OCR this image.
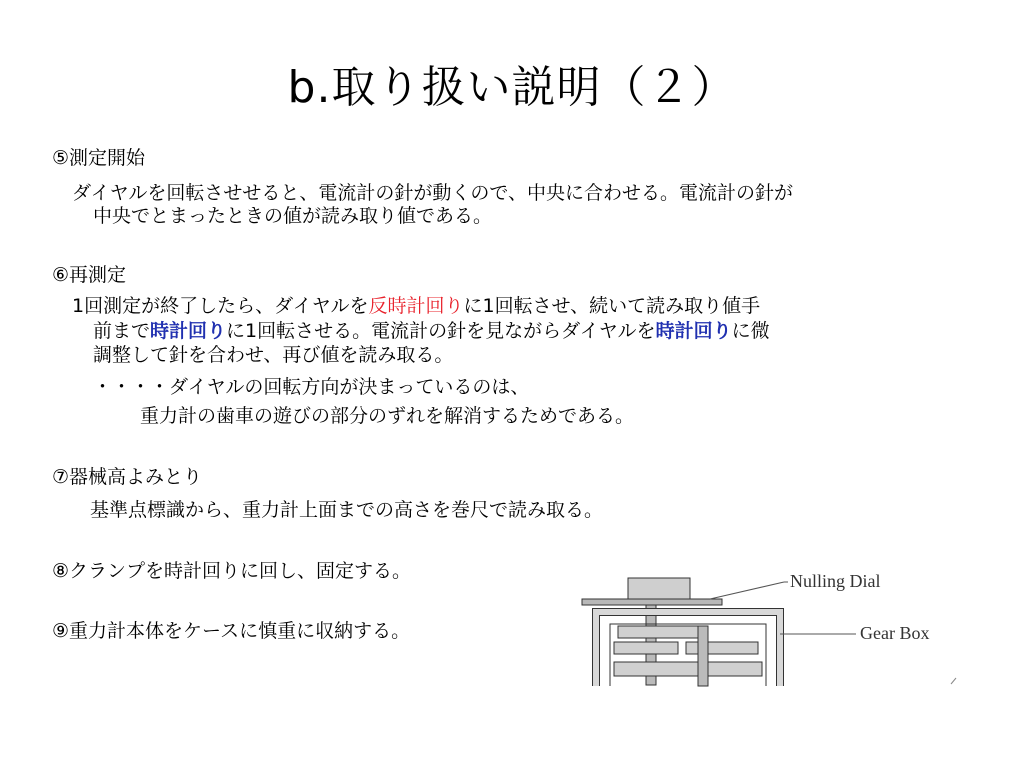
b.取り扱い説明（２）
⑤測定開始
ダイヤルを回転させせると、電流計の針が動くので、中央に合わせる。電流計の針が
中央でとまったときの値が読み取り値である。
⑥再測定
1回測定が終了したら、ダイヤルを反時計回りに1回転させ、続いて読み取り値手
前まで時計回りに1回転させる。電流計の針を見ながらダイヤルを時計回りに微
調整して針を合わせ、再び値を読み取る。
・・・・ダイヤルの回転方向が決まっているのは、
重力計の歯車の遊びの部分のずれを解消するためである。
⑦器械高よみとり
基準点標識から、重力計上面までの高さを巻尺で読み取る。
⑧クランプを時計回りに回し、固定する。
⑨重力計本体をケースに慎重に収納する。
Nulling Dial
Gear Box
